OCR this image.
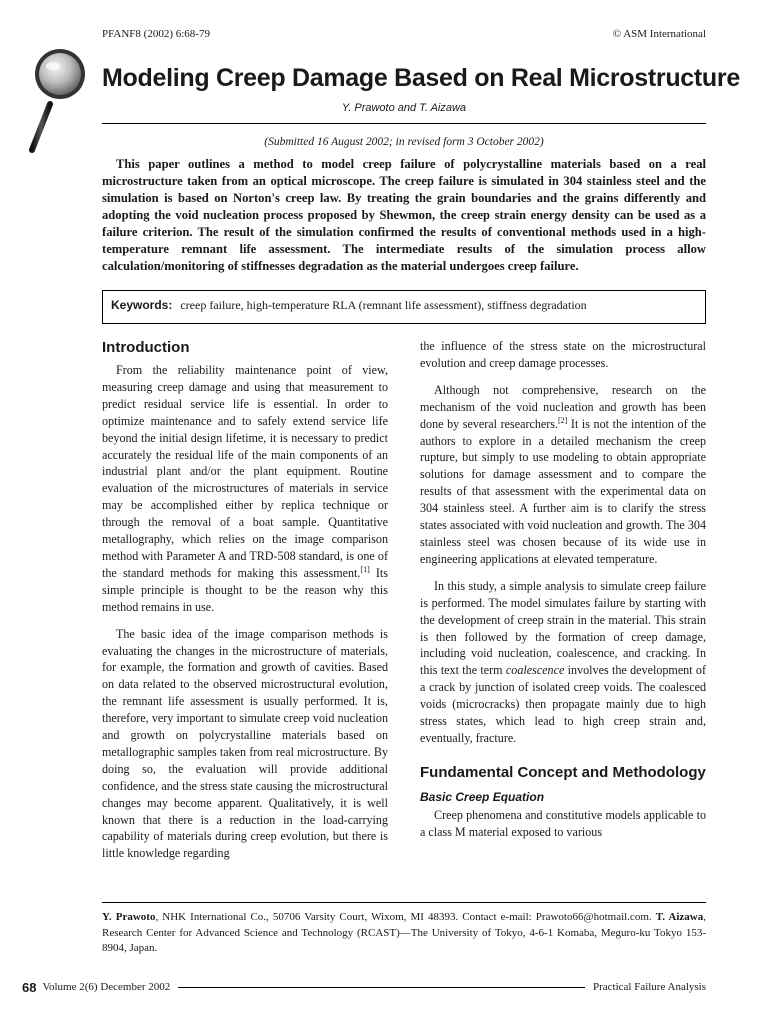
PFANF8 (2002) 6:68-79	© ASM International
Modeling Creep Damage Based on Real Microstructure
Y. Prawoto and T. Aizawa
(Submitted 16 August 2002; in revised form 3 October 2002)

This paper outlines a method to model creep failure of polycrystalline materials based on a real microstructure taken from an optical microscope. The creep failure is simulated in 304 stainless steel and the simulation is based on Norton's creep law. By treating the grain boundaries and the grains differently and adopting the void nucleation process proposed by Shewmon, the creep strain energy density can be used as a failure criterion. The result of the simulation confirmed the results of conventional methods used in a high-temperature remnant life assessment. The intermediate results of the simulation process allow calculation/monitoring of stiffnesses degradation as the material undergoes creep failure.

Keywords: creep failure, high-temperature RLA (remnant life assessment), stiffness degradation
Introduction

From the reliability maintenance point of view, measuring creep damage and using that measurement to predict residual service life is essential. In order to optimize maintenance and to safely extend service life beyond the initial design lifetime, it is necessary to predict accurately the residual life of the main components of an industrial plant and/or the plant equipment. Routine evaluation of the microstructures of materials in service may be accomplished either by replica technique or through the removal of a boat sample. Quantitative metallography, which relies on the image comparison method with Parameter A and TRD-508 standard, is one of the standard methods for making this assessment.[1] Its simple principle is thought to be the reason why this method remains in use.

The basic idea of the image comparison methods is evaluating the changes in the microstructure of materials, for example, the formation and growth of cavities. Based on data related to the observed microstructural evolution, the remnant life assessment is usually performed. It is, therefore, very important to simulate creep void nucleation and growth on polycrystalline materials based on metallographic samples taken from real microstructure. By doing so, the evaluation will provide additional confidence, and the stress state causing the microstructural changes may become apparent. Qualitatively, it is well known that there is a reduction in the load-carrying capability of materials during creep evolution, but there is little knowledge regarding

the influence of the stress state on the microstructural evolution and creep damage processes.

Although not comprehensive, research on the mechanism of the void nucleation and growth has been done by several researchers.[2] It is not the intention of the authors to explore in a detailed mechanism the creep rupture, but simply to use modeling to obtain appropriate solutions for damage assessment and to compare the results of that assessment with the experimental data on 304 stainless steel. A further aim is to clarify the stress states associated with void nucleation and growth. The 304 stainless steel was chosen because of its wide use in engineering applications at elevated temperature.

In this study, a simple analysis to simulate creep failure is performed. The model simulates failure by starting with the development of creep strain in the material. This strain is then followed by the formation of creep damage, including void nucleation, coalescence, and cracking. In this text the term coalescence involves the development of a crack by junction of isolated creep voids. The coalesced voids (microcracks) then propagate mainly due to high stress states, which lead to high creep strain and, eventually, fracture.

Fundamental Concept and Methodology
Basic Creep Equation

Creep phenomena and constitutive models applicable to a class M material exposed to various

Y. Prawoto, NHK International Co., 50706 Varsity Court, Wixom, MI 48393. Contact e-mail: Prawoto66@hotmail.com. T. Aizawa, Research Center for Advanced Science and Technology (RCAST)—The University of Tokyo, 4-6-1 Komaba, Meguro-ku Tokyo 153-8904, Japan.

68 Volume 2(6) December 2002	Practical Failure Analysis
